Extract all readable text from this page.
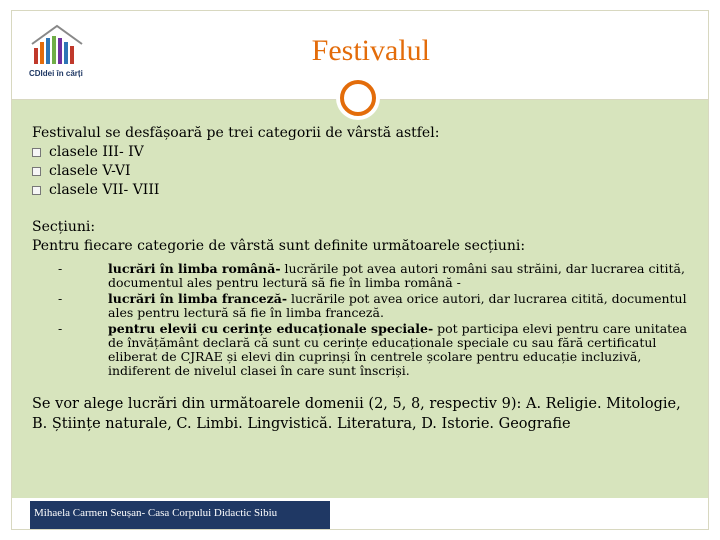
CDIdei în cărți
Festivalul

Festivalul se desfășoară pe trei categorii de vârstă astfel:

clasele III- IV
clasele V-VI
clasele VII- VIII

Secțiuni:

Pentru fiecare categorie de vârstă sunt definite următoarele secțiuni:

-	lucrări în limba română- lucrările pot avea autori români sau străini, dar lucrarea citită, documentul ales pentru lectură să fie în limba română -
-	lucrări în limba franceză- lucrările pot avea orice autori, dar lucrarea citită, documentul ales pentru lectură să fie în limba franceză.
-	pentru elevii cu cerințe educaționale speciale- pot participa elevi pentru care unitatea de învățământ declară că sunt cu cerințe educaționale speciale cu sau fără certificatul eliberat de CJRAE și elevi din cuprinși în centrele școlare pentru educație incluzivă, indiferent de nivelul clasei în care sunt înscriși.

Se vor alege lucrări din următoarele domenii (2, 5, 8, respectiv 9): A. Religie. Mitologie, B. Științe naturale, C. Limbi. Lingvistică. Literatura, D. Istorie. Geografie

Mihaela Carmen Seușan- Casa Corpului Didactic Sibiu
